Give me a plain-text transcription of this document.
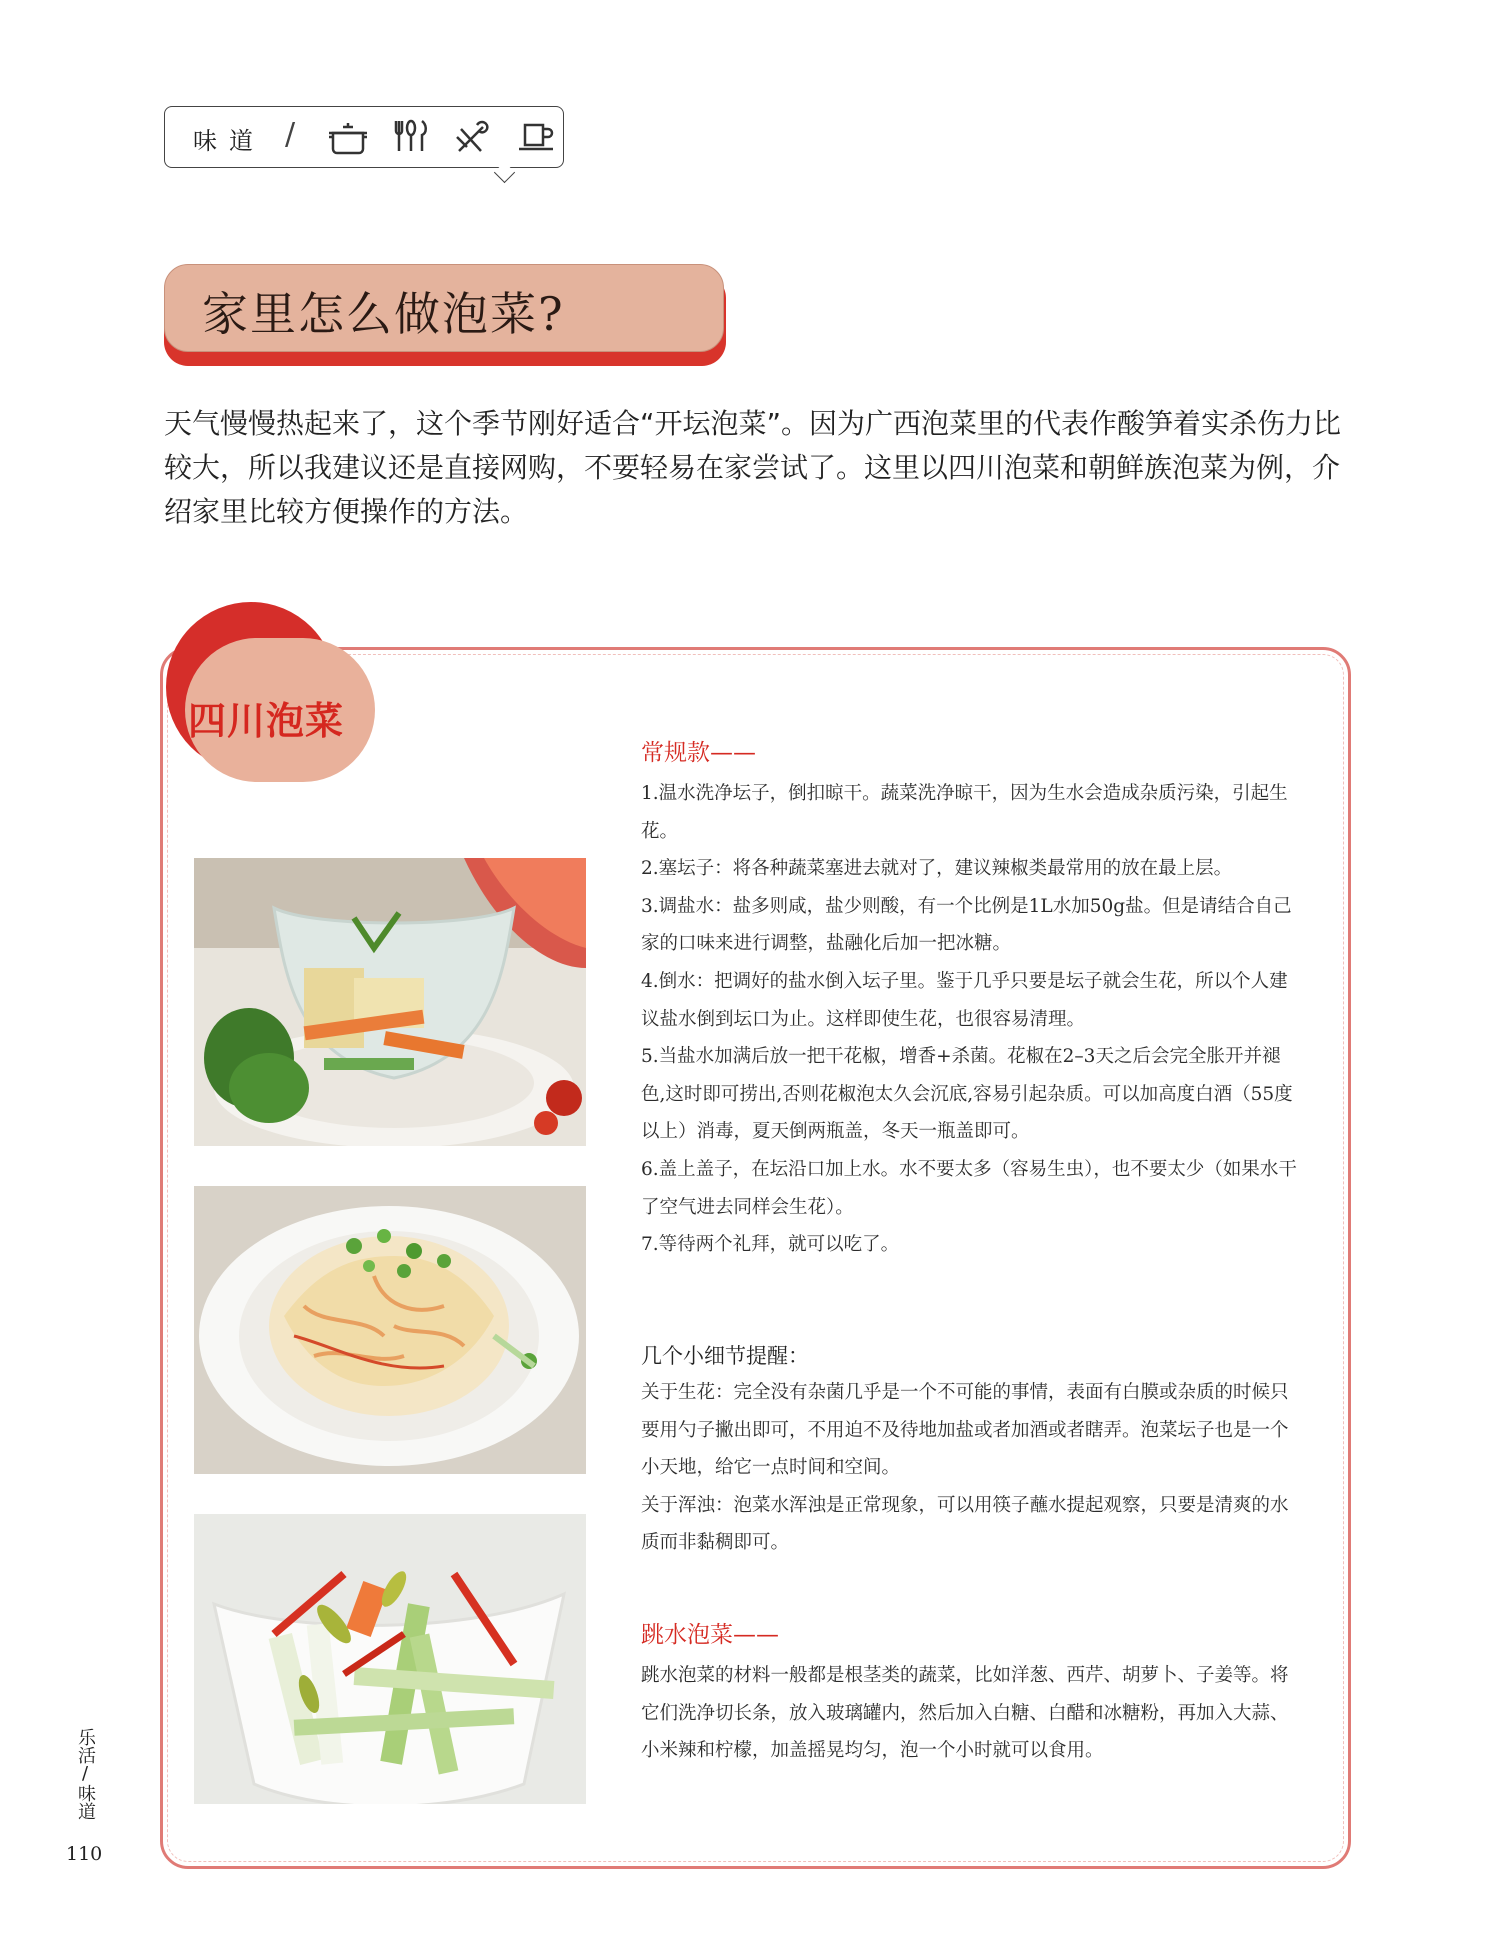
味道 /
家里怎么做泡菜?
天气慢慢热起来了，这个季节刚好适合“开坛泡菜”。因为广西泡菜里的代表作酸笋着实杀伤力比较大，所以我建议还是直接网购，不要轻易在家尝试了。这里以四川泡菜和朝鲜族泡菜为例，介绍家里比较方便操作的方法。
四川泡菜
常规款——

1.温水洗净坛子，倒扣晾干。蔬菜洗净晾干，因为生水会造成杂质污染，引起生花。

2.塞坛子：将各种蔬菜塞进去就对了，建议辣椒类最常用的放在最上层。

3.调盐水：盐多则咸，盐少则酸，有一个比例是1L水加50g盐。但是请结合自己家的口味来进行调整，盐融化后加一把冰糖。

4.倒水：把调好的盐水倒入坛子里。鉴于几乎只要是坛子就会生花，所以个人建议盐水倒到坛口为止。这样即使生花，也很容易清理。

5.当盐水加满后放一把干花椒，增香+杀菌。花椒在2–3天之后会完全胀开并褪色,这时即可捞出,否则花椒泡太久会沉底,容易引起杂质。可以加高度白酒（55度以上）消毒，夏天倒两瓶盖，冬天一瓶盖即可。

6.盖上盖子，在坛沿口加上水。水不要太多（容易生虫），也不要太少（如果水干了空气进去同样会生花）。

7.等待两个礼拜，就可以吃了。

几个小细节提醒：

关于生花：完全没有杂菌几乎是一个不可能的事情，表面有白膜或杂质的时候只要用勺子撇出即可，不用迫不及待地加盐或者加酒或者瞎弄。泡菜坛子也是一个小天地，给它一点时间和空间。

关于浑浊：泡菜水浑浊是正常现象，可以用筷子蘸水提起观察，只要是清爽的水质而非黏稠即可。

跳水泡菜——
跳水泡菜的材料一般都是根茎类的蔬菜，比如洋葱、西芹、胡萝卜、子姜等。将它们洗净切长条，放入玻璃罐内，然后加入白糖、白醋和冰糖粉，再加入大蒜、小米辣和柠檬，加盖摇晃均匀，泡一个小时就可以食用。
乐活
/
味道
110
